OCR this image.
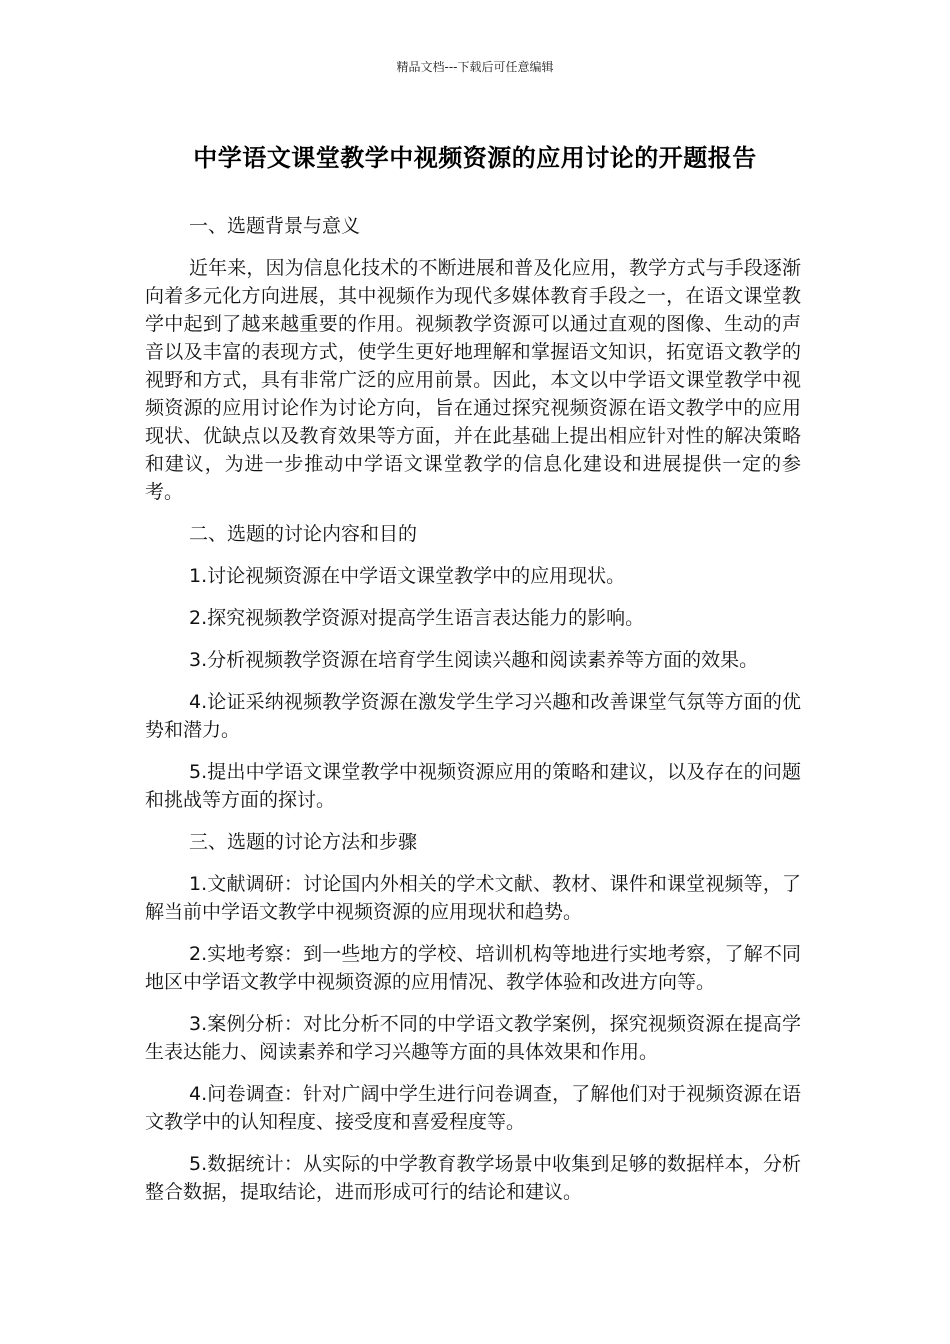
精品文档---下载后可任意编辑
中学语文课堂教学中视频资源的应用讨论的开题报告

一、选题背景与意义

近年来，因为信息化技术的不断进展和普及化应用，教学方式与手段逐渐向着多元化方向进展，其中视频作为现代多媒体教育手段之一，在语文课堂教学中起到了越来越重要的作用。视频教学资源可以通过直观的图像、生动的声音以及丰富的表现方式，使学生更好地理解和掌握语文知识，拓宽语文教学的视野和方式，具有非常广泛的应用前景。因此，本文以中学语文课堂教学中视频资源的应用讨论作为讨论方向，旨在通过探究视频资源在语文教学中的应用现状、优缺点以及教育效果等方面，并在此基础上提出相应针对性的解决策略和建议，为进一步推动中学语文课堂教学的信息化建设和进展提供一定的参考。

二、选题的讨论内容和目的

1.讨论视频资源在中学语文课堂教学中的应用现状。

2.探究视频教学资源对提高学生语言表达能力的影响。

3.分析视频教学资源在培育学生阅读兴趣和阅读素养等方面的效果。

4.论证采纳视频教学资源在激发学生学习兴趣和改善课堂气氛等方面的优势和潜力。

5.提出中学语文课堂教学中视频资源应用的策略和建议，以及存在的问题和挑战等方面的探讨。

三、选题的讨论方法和步骤

1.文献调研：讨论国内外相关的学术文献、教材、课件和课堂视频等，了解当前中学语文教学中视频资源的应用现状和趋势。

2.实地考察：到一些地方的学校、培训机构等地进行实地考察，了解不同地区中学语文教学中视频资源的应用情况、教学体验和改进方向等。

3.案例分析：对比分析不同的中学语文教学案例，探究视频资源在提高学生表达能力、阅读素养和学习兴趣等方面的具体效果和作用。

4.问卷调查：针对广阔中学生进行问卷调查，了解他们对于视频资源在语文教学中的认知程度、接受度和喜爱程度等。

5.数据统计：从实际的中学教育教学场景中收集到足够的数据样本，分析整合数据，提取结论，进而形成可行的结论和建议。
